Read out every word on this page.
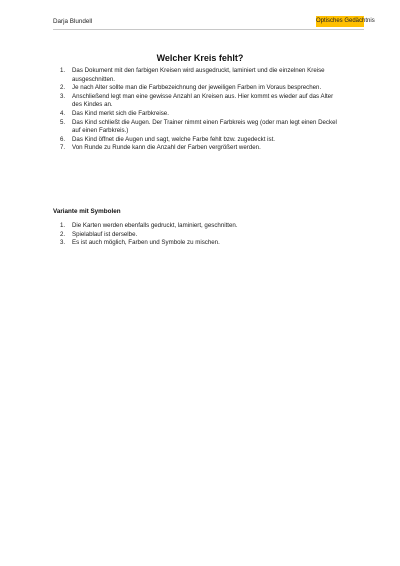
Darja Blundell	Optisches Gedächtnis
Welcher Kreis fehlt?
1. Das Dokument mit den farbigen Kreisen wird ausgedruckt, laminiert und die einzelnen Kreise ausgeschnitten.
2. Je nach Alter sollte man die Farbbezeichnung der jeweiligen Farben im Voraus besprechen.
3. Anschließend legt man eine gewisse Anzahl an Kreisen aus. Hier kommt es wieder auf das Alter des Kindes an.
4. Das Kind merkt sich die Farbkreise.
5. Das Kind schließt die Augen. Der Trainer nimmt einen Farbkreis weg (oder man legt einen Deckel auf einen Farbkreis.)
6. Das Kind öffnet die Augen und sagt, welche Farbe fehlt bzw. zugedeckt ist.
7. Von Runde zu Runde kann die Anzahl der Farben vergrößert werden.
Variante mit Symbolen
1. Die Karten werden ebenfalls gedruckt, laminiert, geschnitten.
2. Spielablauf ist derselbe.
3. Es ist auch möglich, Farben und Symbole zu mischen.
